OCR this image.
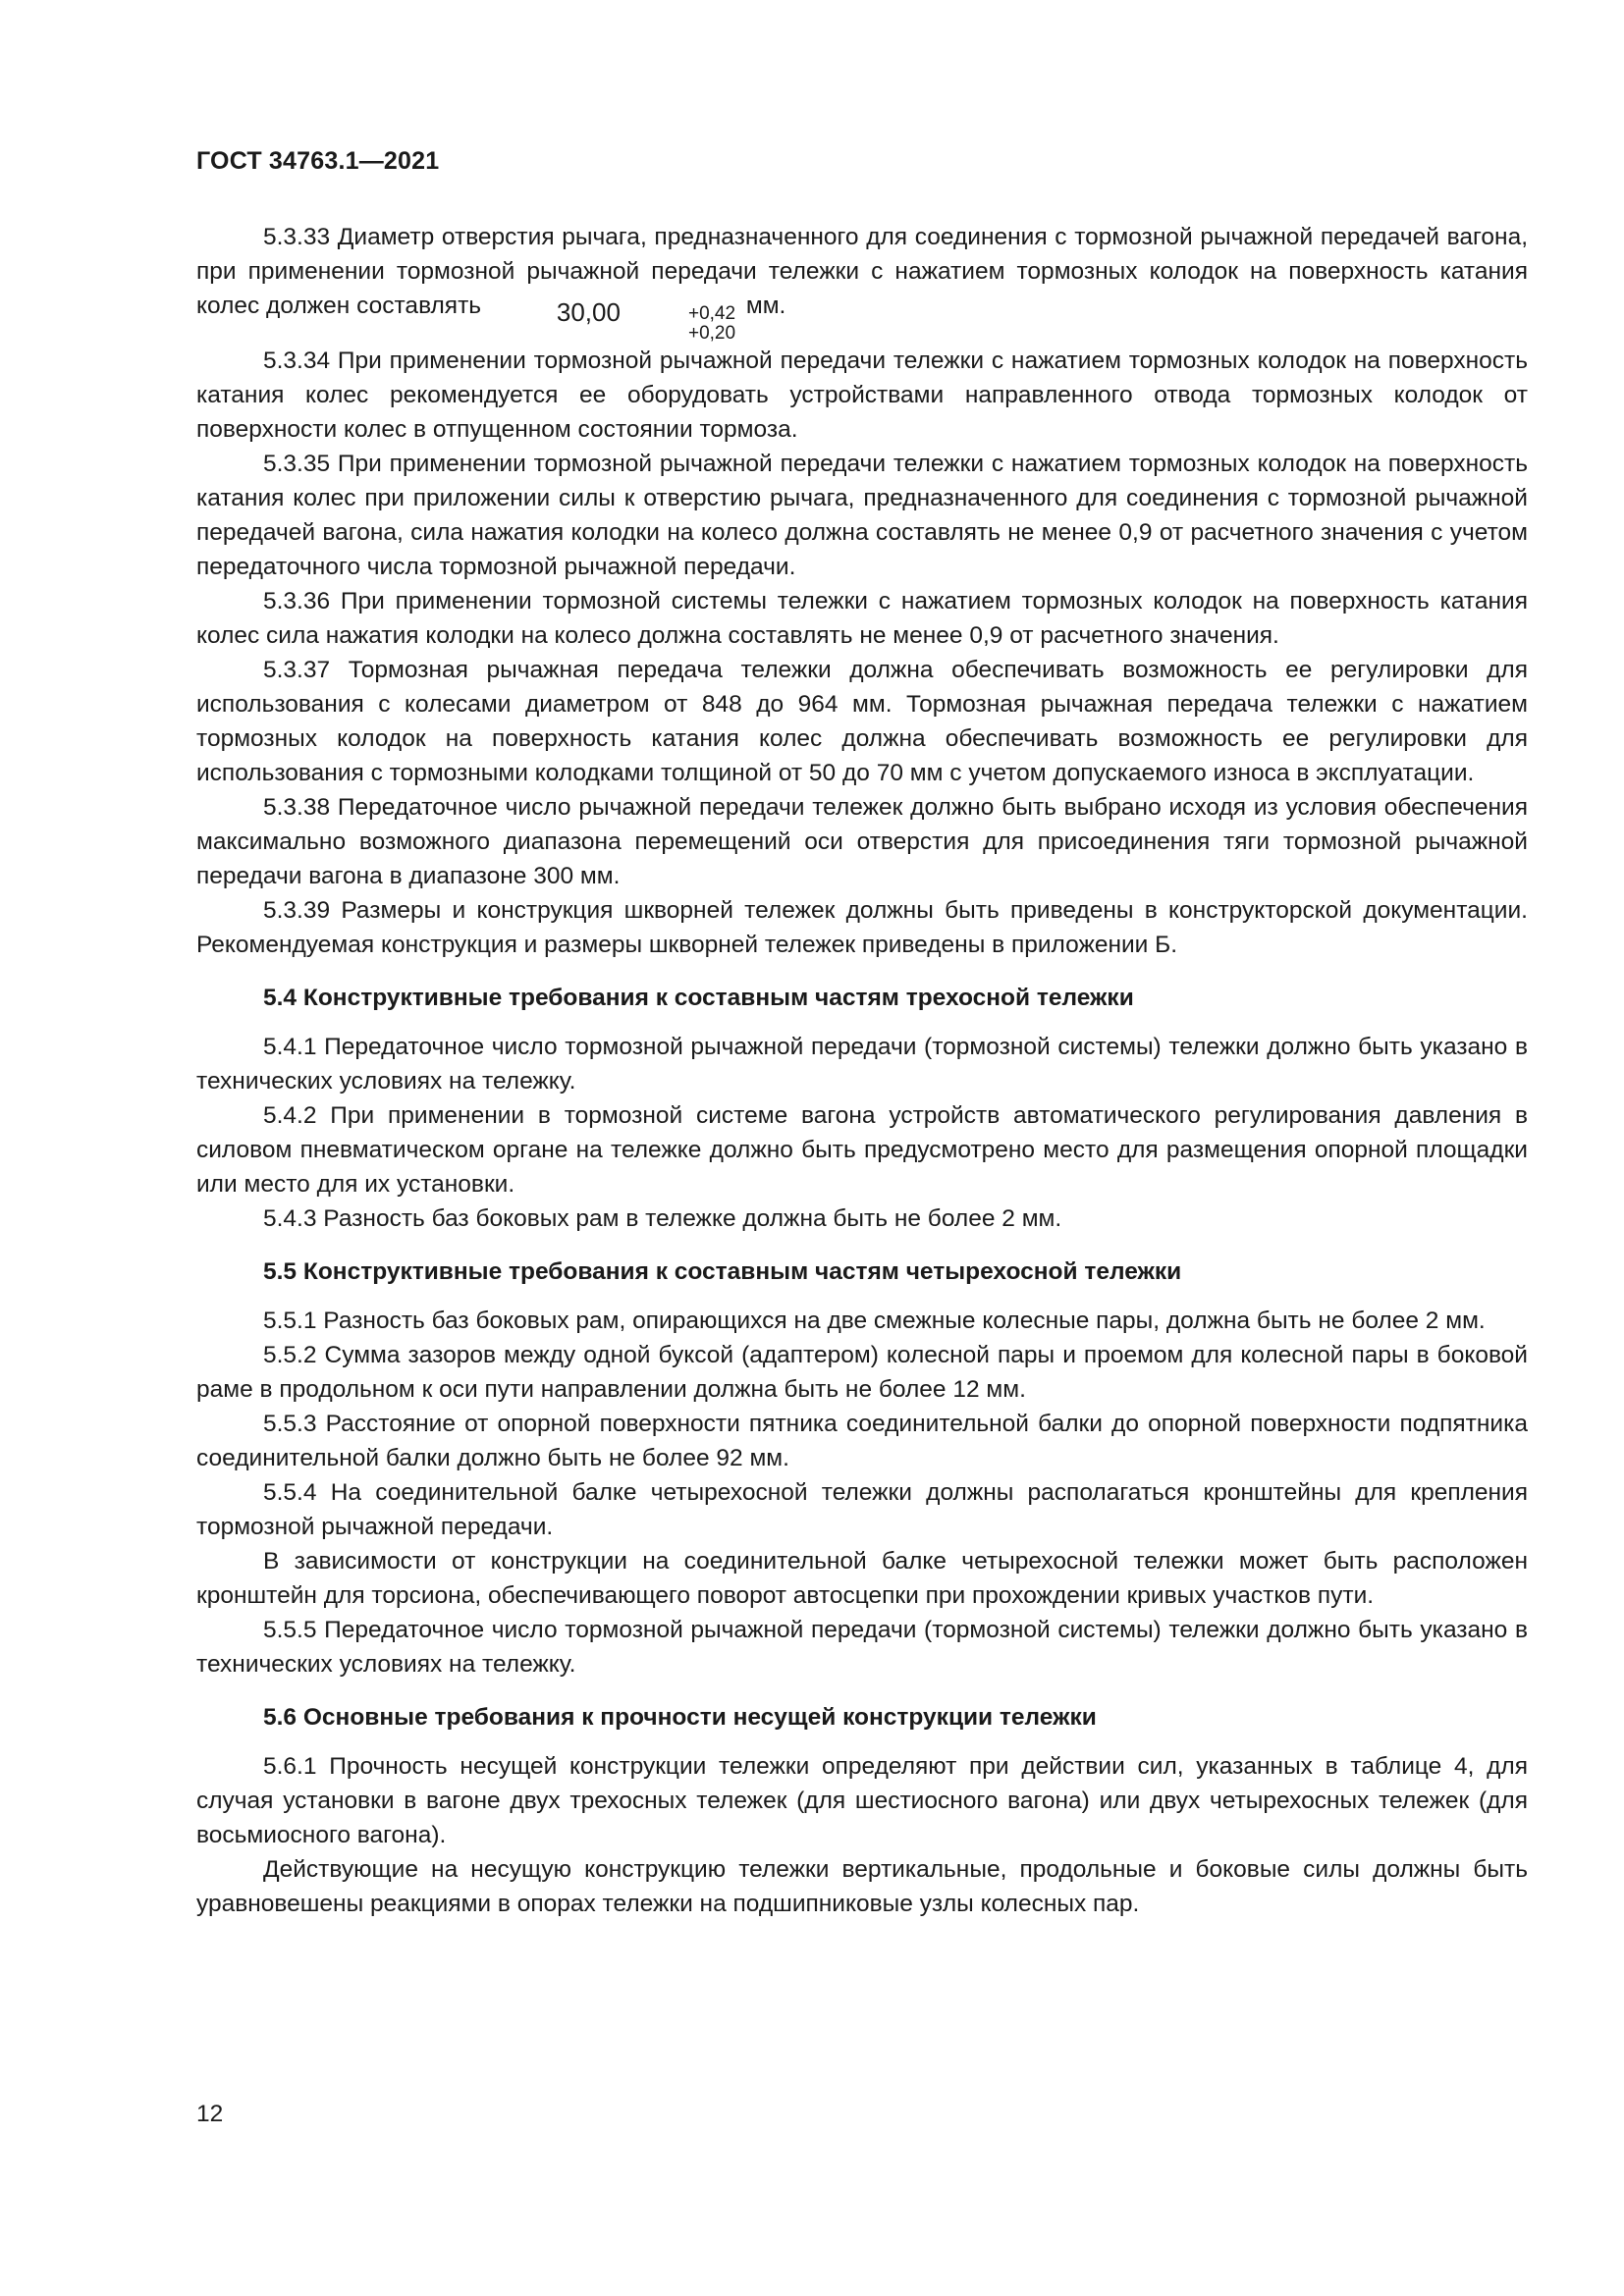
ГОСТ 34763.1—2021

5.3.33 Диаметр отверстия рычага, предназначенного для соединения с тормозной рычажной передачей вагона, при применении тормозной рычажной передачи тележки с нажатием тормозных колодок на поверхность катания колес должен составлять	30,00	+0,42
+0,20
мм.

5.3.34 При применении тормозной рычажной передачи тележки с нажатием тормозных колодок на поверхность катания колес рекомендуется ее оборудовать устройствами направленного отвода тормозных колодок от поверхности колес в отпущенном состоянии тормоза.

5.3.35 При применении тормозной рычажной передачи тележки с нажатием тормозных колодок на поверхность катания колес при приложении силы к отверстию рычага, предназначенного для соединения с тормозной рычажной передачей вагона, сила нажатия колодки на колесо должна составлять не менее 0,9 от расчетного значения с учетом передаточного числа тормозной рычажной передачи.

5.3.36 При применении тормозной системы тележки с нажатием тормозных колодок на поверхность катания колес сила нажатия колодки на колесо должна составлять не менее 0,9 от расчетного значения.

5.3.37 Тормозная рычажная передача тележки должна обеспечивать возможность ее регулировки для использования с колесами диаметром от 848 до 964 мм. Тормозная рычажная передача тележки с нажатием тормозных колодок на поверхность катания колес должна обеспечивать возможность ее регулировки для использования с тормозными колодками толщиной от 50 до 70 мм с учетом допускаемого износа в эксплуатации.

5.3.38 Передаточное число рычажной передачи тележек должно быть выбрано исходя из условия обеспечения максимально возможного диапазона перемещений оси отверстия для присоединения тяги тормозной рычажной передачи вагона в диапазоне 300 мм.

5.3.39 Размеры и конструкция шкворней тележек должны быть приведены в конструкторской документации. Рекомендуемая конструкция и размеры шкворней тележек приведены в приложении Б.

5.4 Конструктивные требования к составным частям трехосной тележки

5.4.1 Передаточное число тормозной рычажной передачи (тормозной системы) тележки должно быть указано в технических условиях на тележку.

5.4.2 При применении в тормозной системе вагона устройств автоматического регулирования давления в силовом пневматическом органе на тележке должно быть предусмотрено место для размещения опорной площадки или место для их установки.

5.4.3 Разность баз боковых рам в тележке должна быть не более 2 мм.

5.5 Конструктивные требования к составным частям четырехосной тележки

5.5.1 Разность баз боковых рам, опирающихся на две смежные колесные пары, должна быть не более 2 мм.

5.5.2 Сумма зазоров между одной буксой (адаптером) колесной пары и проемом для колесной пары в боковой раме в продольном к оси пути направлении должна быть не более 12 мм.

5.5.3 Расстояние от опорной поверхности пятника соединительной балки до опорной поверхности подпятника соединительной балки должно быть не более 92 мм.

5.5.4 На соединительной балке четырехосной тележки должны располагаться кронштейны для крепления тормозной рычажной передачи.

В зависимости от конструкции на соединительной балке четырехосной тележки может быть расположен кронштейн для торсиона, обеспечивающего поворот автосцепки при прохождении кривых участков пути.

5.5.5 Передаточное число тормозной рычажной передачи (тормозной системы) тележки должно быть указано в технических условиях на тележку.

5.6 Основные требования к прочности несущей конструкции тележки

5.6.1 Прочность несущей конструкции тележки определяют при действии сил, указанных в таблице 4, для случая установки в вагоне двух трехосных тележек (для шестиосного вагона) или двух четырехосных тележек (для восьмиосного вагона).

Действующие на несущую конструкцию тележки вертикальные, продольные и боковые силы должны быть уравновешены реакциями в опорах тележки на подшипниковые узлы колесных пар.

12
